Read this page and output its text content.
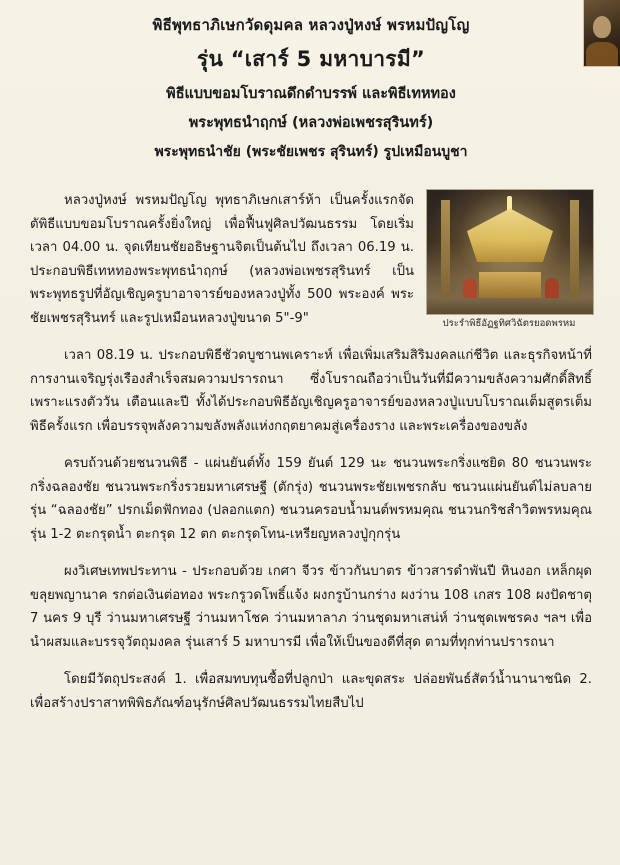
พิธีพุทธาภิเษกวัดดุมคล หลวงปู่หงษ์ พรหมปัญโญ
รุ่น “เสาร์ 5 มหาบารมี”
พิธีแบบขอมโบราณดึกดำบรรพ์ และพิธีเทหทอง
พระพุทธนำฤกษ์ (หลวงพ่อเพชรสุรินทร์)
พระพุทธนำชัย (พระชัยเพชร สุรินทร์) รูปเหมือนบูชา
ประรำพิธีอัฏฐทิศวิฉัตรยอดพรหม

หลวงปู่หงษ์ พรหมปัญโญ พุทธาภิเษกเสาร์ห้า เป็นครั้งแรกจัดตัพิธีแบบขอมโบราณครั้งยิ่งใหญ่ เพื่อฟื้นฟูศิลปวัฒนธรรม โดยเริ่มเวลา 04.00 น. จุดเทียนชัยอธิษฐานจิตเป็นต้นไป ถึงเวลา 06.19 น. ประกอบพิธีเทหทองพระพุทธนำฤกษ์ (หลวงพ่อเพชรสุรินทร์ เป็นพระพุทธรูปที่อัญเชิญครูบาอาจารย์ของหลวงปู่ทั้ง 500 พระองค์ พระชัยเพชรสุรินทร์ และรูปเหมือนหลวงปู่ขนาด 5"-9"

เวลา 08.19 น. ประกอบพิธีชัวดบูชานพเคราะห์ เพื่อเพิ่มเสริมสิริมงคลแก่ชีวิต และธุรกิจหน้าที่การงานเจริญรุ่งเรืองสำเร็จสมความปรารถนา ซึ่งโบราณถือว่าเป็นวันที่มีความขลังความศักดิ์สิทธิ์ เพราะแรงตัววัน เตือนและปี ทั้งได้ประกอบพิธีอัญเชิญครูอาจารย์ของหลวงปู่แบบโบราณเต็มสูตรเต็มพิธีครั้งแรก เพื่อบรรจุพลังความขลังพลังแห่งกฤตยาคมสู่เครื่องราง และพระเครื่องของขลัง

ครบถ้วนด้วยชนวนพิธี - แผ่นยันต์ทั้ง 159 ยันต์ 129 นะ ชนวนพระกริ่งแซยิด 80 ชนวนพระกริ่งฉลองชัย ชนวนพระกริ่งรวยมหาเศรษฐี (ตักรุ่ง) ชนวนพระชัยเพชรกลับ ชนวนแผ่นยันต์ไม่ลบลาย รุ่น “ฉลองชัย” ปรกเม็ดฟักทอง (ปลอกแตก) ชนวนครอบน้ำมนต์พรหมคุณ ชนวนกริชสำวิตพรหมคุณ รุ่น 1-2 ตะกรุดน้ำ ตะกรุด 12 ตก ตะกรุดโทน-เหรียญหลวงปู่กุกรุ่น

ผงวิเศษเทพประทาน - ประกอบด้วย เกศา จีวร ข้าวกันบาตร ข้าวสารดำพันปี หินงอก เหล็กผุด ขลุยพญานาค รกต่อเงินต่อทอง พระกรูวดโพธิ์แจ้ง ผงกรูบ้านกร่าง ผงว่าน 108 เกสร 108 ผงปัดชาตุ 7 นคร 9 บุรี ว่านมหาเศรษฐี ว่านมหาโชค ว่านมหาลาภ ว่านชุดมหาเสน่ห์ ว่านชุดเพชรคง ฯลฯ เพื่อนำผสมและบรรจุวัตถุมงคล รุ่นเสาร์ 5 มหาบารมี เพื่อให้เป็นของดีที่สุด ตามที่ทุกท่านปรารถนา

โดยมีวัตถุประสงค์ 1. เพื่อสมทบทุนซื้อที่ปลูกป่า และขุดสระ ปล่อยพันธ์สัตว์น้ำนานาชนิด 2. เพื่อสร้างปราสาทพิพิธภัณฑ์อนุรักษ์ศิลปวัฒนธรรมไทยสืบไป
